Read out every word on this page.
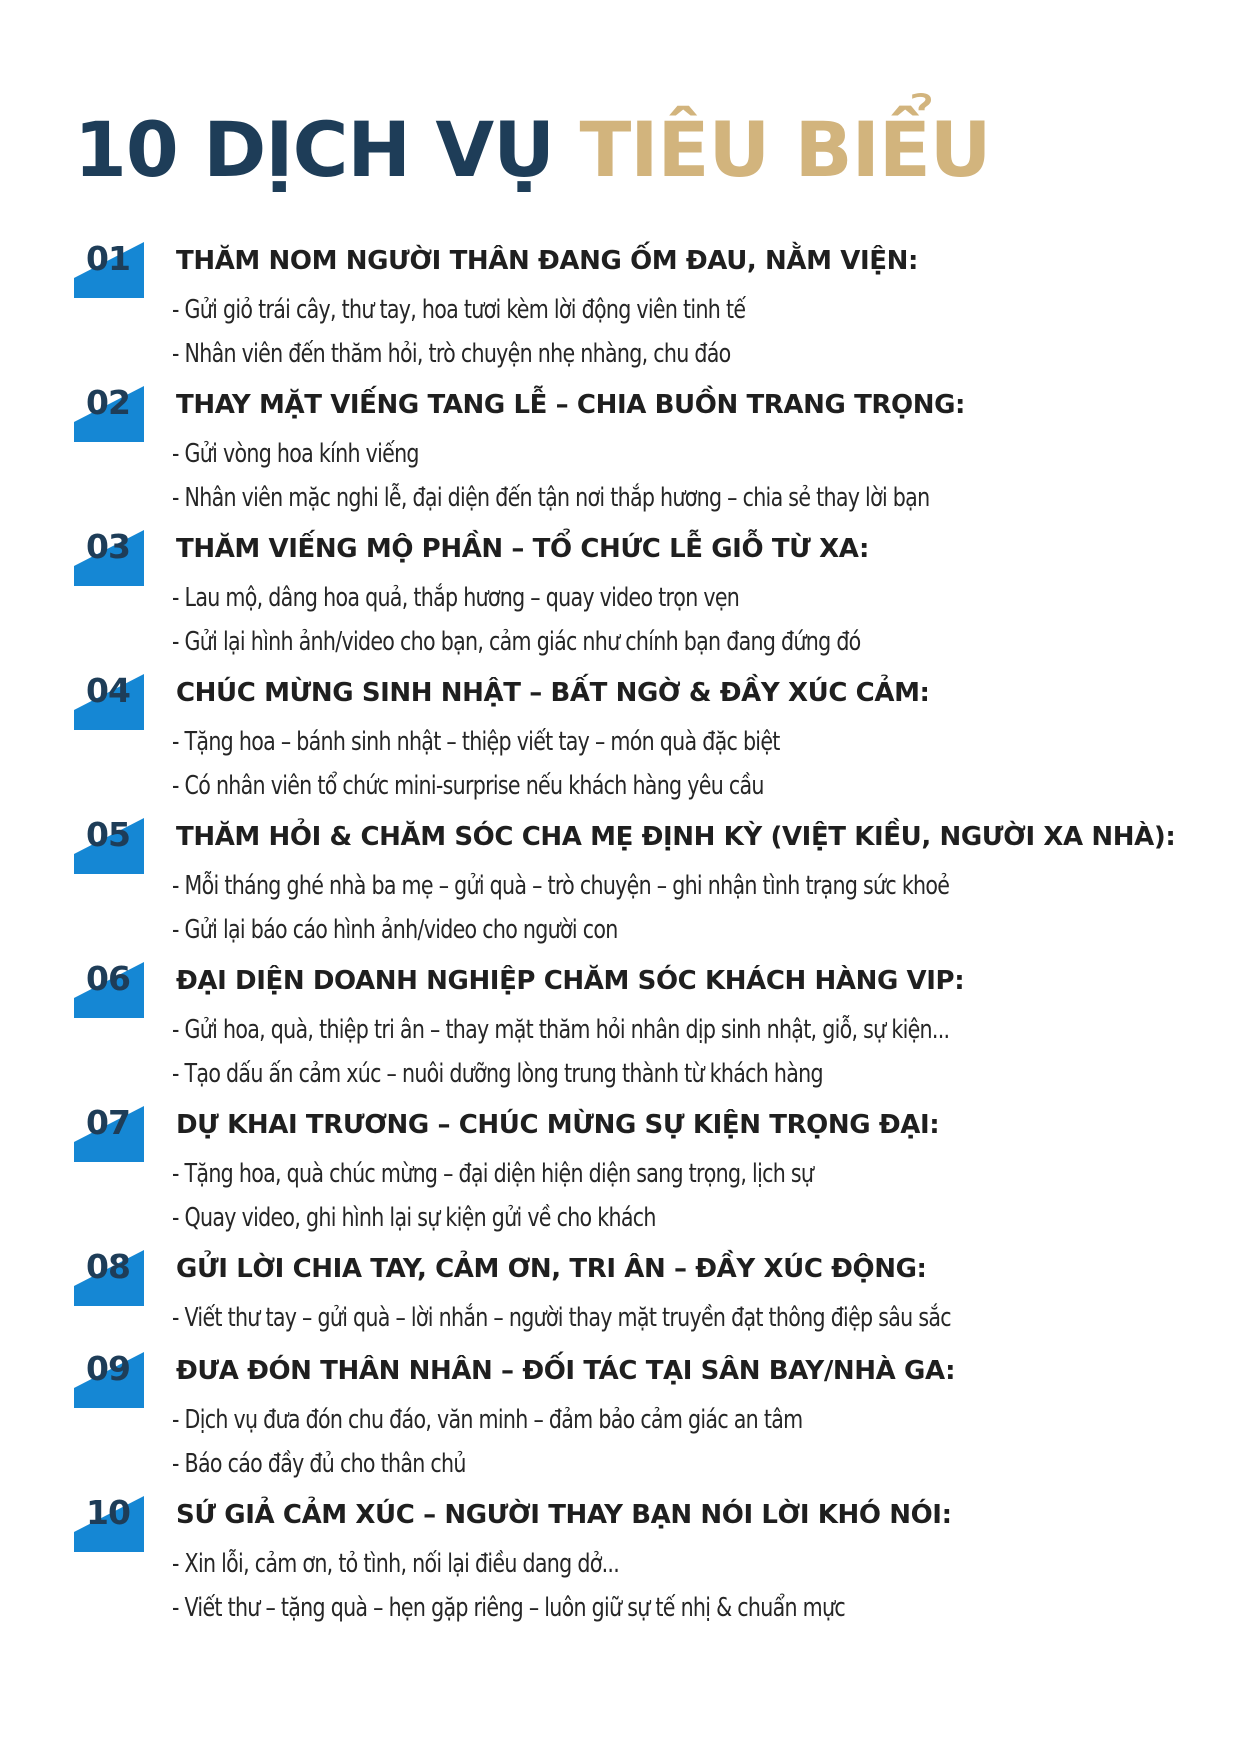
10 DỊCH VỤ TIÊU BIỂU
01 THĂM NOM NGƯỜI THÂN ĐANG ỐM ĐAU, NẰM VIỆN:
- Gửi giỏ trái cây, thư tay, hoa tươi kèm lời động viên tinh tế
- Nhân viên đến thăm hỏi, trò chuyện nhẹ nhàng, chu đáo
02 THAY MẶT VIẾNG TANG LỄ – CHIA BUỒN TRANG TRỌNG:
- Gửi vòng hoa kính viếng
- Nhân viên mặc nghi lễ, đại diện đến tận nơi thắp hương – chia sẻ thay lời bạn
03 THĂM VIẾNG MỘ PHẦN – TỔ CHỨC LỄ GIỖ TỪ XA:
- Lau mộ, dâng hoa quả, thắp hương – quay video trọn vẹn
- Gửi lại hình ảnh/video cho bạn, cảm giác như chính bạn đang đứng đó
04 CHÚC MỪNG SINH NHẬT – BẤT NGỜ & ĐẦY XÚC CẢM:
- Tặng hoa – bánh sinh nhật – thiệp viết tay – món quà đặc biệt
- Có nhân viên tổ chức mini-surprise nếu khách hàng yêu cầu
05 THĂM HỎI & CHĂM SÓC CHA MẸ ĐỊNH KỲ (VIỆT KIỀU, NGƯỜI XA NHÀ):
- Mỗi tháng ghé nhà ba mẹ – gửi quà – trò chuyện – ghi nhận tình trạng sức khoẻ
- Gửi lại báo cáo hình ảnh/video cho người con
06 ĐẠI DIỆN DOANH NGHIỆP CHĂM SÓC KHÁCH HÀNG VIP:
- Gửi hoa, quà, thiệp tri ân – thay mặt thăm hỏi nhân dịp sinh nhật, giỗ, sự kiện...
- Tạo dấu ấn cảm xúc – nuôi dưỡng lòng trung thành từ khách hàng
07 DỰ KHAI TRƯƠNG – CHÚC MỪNG SỰ KIỆN TRỌNG ĐẠI:
- Tặng hoa, quà chúc mừng – đại diện hiện diện sang trọng, lịch sự
- Quay video, ghi hình lại sự kiện gửi về cho khách
08 GỬI LỜI CHIA TAY, CẢM ƠN, TRI ÂN – ĐẦY XÚC ĐỘNG:
- Viết thư tay – gửi quà – lời nhắn – người thay mặt truyền đạt thông điệp sâu sắc
09 ĐƯA ĐÓN THÂN NHÂN – ĐỐI TÁC TẠI SÂN BAY/NHÀ GA:
- Dịch vụ đưa đón chu đáo, văn minh – đảm bảo cảm giác an tâm
- Báo cáo đầy đủ cho thân chủ
10 SỨ GIẢ CẢM XÚC – NGƯỜI THAY BẠN NÓI LỜI KHÓ NÓI:
- Xin lỗi, cảm ơn, tỏ tình, nối lại điều dang dở...
- Viết thư – tặng quà – hẹn gặp riêng – luôn giữ sự tế nhị & chuẩn mực
